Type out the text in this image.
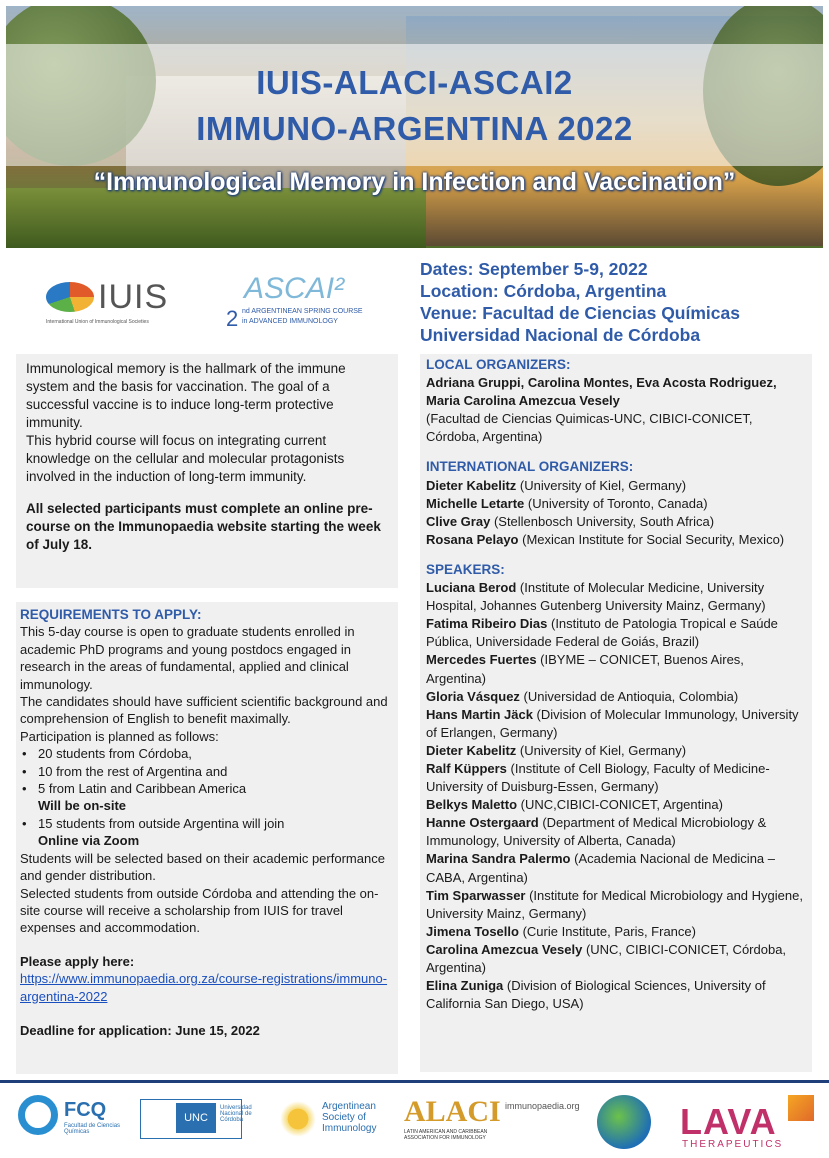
IUIS-ALACI-ASCAI2
IMMUNO-ARGENTINA 2022
“Immunological Memory in Infection and Vaccination”
IUIS
International Union of Immunological Societies
ASCAI²
2 nd ARGENTINEAN SPRING COURSE
in ADVANCED IMMUNOLOGY
Dates: September 5-9, 2022
Location: Córdoba, Argentina
Venue: Facultad de Ciencias Químicas
Universidad Nacional de Córdoba

Immunological memory is the hallmark of the immune system and the basis for vaccination. The goal of a successful vaccine is to induce long-term protective immunity.

This hybrid course will focus on integrating current knowledge on the cellular and molecular protagonists involved in the induction of long-term immunity.

All selected participants must complete an online pre-course on the Immunopaedia website starting the week of July 18.

REQUIREMENTS TO APPLY:

This 5-day course is open to graduate students enrolled in academic PhD programs and young postdocs engaged in research in the areas of fundamental, applied and clinical immunology.

The candidates should have sufficient scientific background and comprehension of English to benefit maximally.

Participation is planned as follows:

• 20 students from Córdoba,
• 10 from the rest of Argentina and
• 5 from Latin and Caribbean America
Will be on-site
• 15 students from outside Argentina will join
Online via Zoom

Students will be selected based on their academic performance and gender distribution.

Selected students from outside Córdoba and attending the on-site course will receive a scholarship from IUIS for travel expenses and accommodation.

Please apply here:

https://www.immunopaedia.org.za/course-registrations/immuno-argentina-2022

Deadline for application: June 15, 2022

LOCAL ORGANIZERS:

Adriana Gruppi, Carolina Montes, Eva Acosta Rodriguez, Maria Carolina Amezcua Vesely

(Facultad de Ciencias Quimicas-UNC, CIBICI-CONICET, Córdoba, Argentina)

INTERNATIONAL ORGANIZERS:

Dieter Kabelitz (University of Kiel, Germany)

Michelle Letarte (University of Toronto, Canada)

Clive Gray (Stellenbosch University, South Africa)

Rosana Pelayo (Mexican Institute for Social Security, Mexico)

SPEAKERS:

Luciana Berod (Institute of Molecular Medicine, University Hospital, Johannes Gutenberg University Mainz, Germany)

Fatima Ribeiro Dias (Instituto de Patologia Tropical e Saúde Pública, Universidade Federal de Goiás, Brazil)

Mercedes Fuertes (IBYME – CONICET, Buenos Aires, Argentina)

Gloria Vásquez (Universidad de Antioquia, Colombia)

Hans Martin Jäck (Division of Molecular Immunology, University of Erlangen, Germany)

Dieter Kabelitz (University of Kiel, Germany)

Ralf Küppers (Institute of Cell Biology, Faculty of Medicine-University of Duisburg-Essen, Germany)

Belkys Maletto (UNC,CIBICI-CONICET, Argentina)

Hanne Ostergaard (Department of Medical Microbiology & Immunology, University of Alberta, Canada)

Marina Sandra Palermo (Academia Nacional de Medicina – CABA, Argentina)

Tim Sparwasser (Institute for Medical Microbiology and Hygiene, University Mainz, Germany)

Jimena Tosello (Curie Institute, Paris, France)

Carolina Amezcua Vesely (UNC, CIBICI-CONICET, Córdoba, Argentina)

Elina Zuniga (Division of Biological Sciences, University of California San Diego, USA)

FCQ
Facultad de Ciencias Químicas
UNC
Universidad Nacional de Córdoba
Argentinean Society of Immunology
ALACI
LATIN AMERICAN AND CARIBBEAN ASSOCIATION FOR IMMUNOLOGY
immunopaedia.org	LAVA
THERAPEUTICS
